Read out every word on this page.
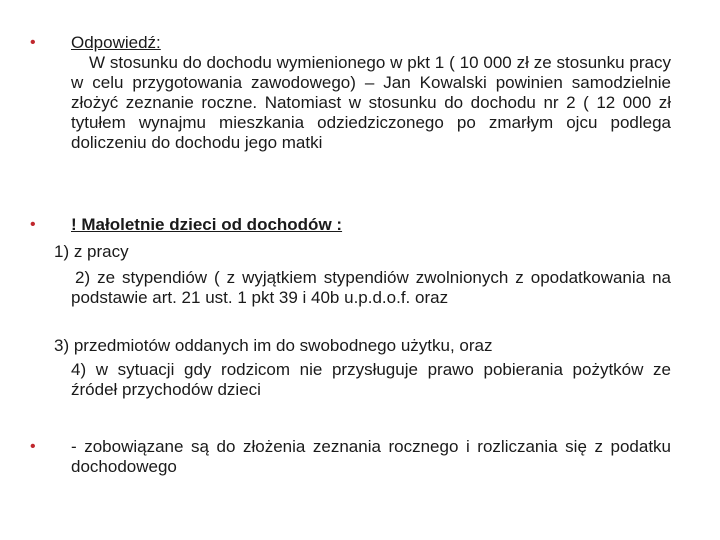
• Odpowiedź:
W stosunku do dochodu wymienionego w pkt 1 ( 10 000 zł ze stosunku pracy w celu przygotowania zawodowego) – Jan Kowalski powinien samodzielnie złożyć zeznanie roczne. Natomiast w stosunku do dochodu nr 2 ( 12 000 zł tytułem wynajmu mieszkania odziedziczonego po zmarłym ojcu podlega doliczeniu do dochodu jego matki
• ! Małoletnie dzieci od dochodów :
1) z pracy
2) ze stypendiów ( z wyjątkiem stypendiów zwolnionych z opodatkowania na podstawie art. 21 ust. 1 pkt 39 i 40b u.p.d.o.f. oraz
3) przedmiotów oddanych im do swobodnego użytku, oraz
4) w sytuacji gdy rodzicom nie przysługuje prawo pobierania pożytków ze źródeł przychodów dzieci
• - zobowiązane są do złożenia zeznania rocznego i rozliczania się z podatku dochodowego
